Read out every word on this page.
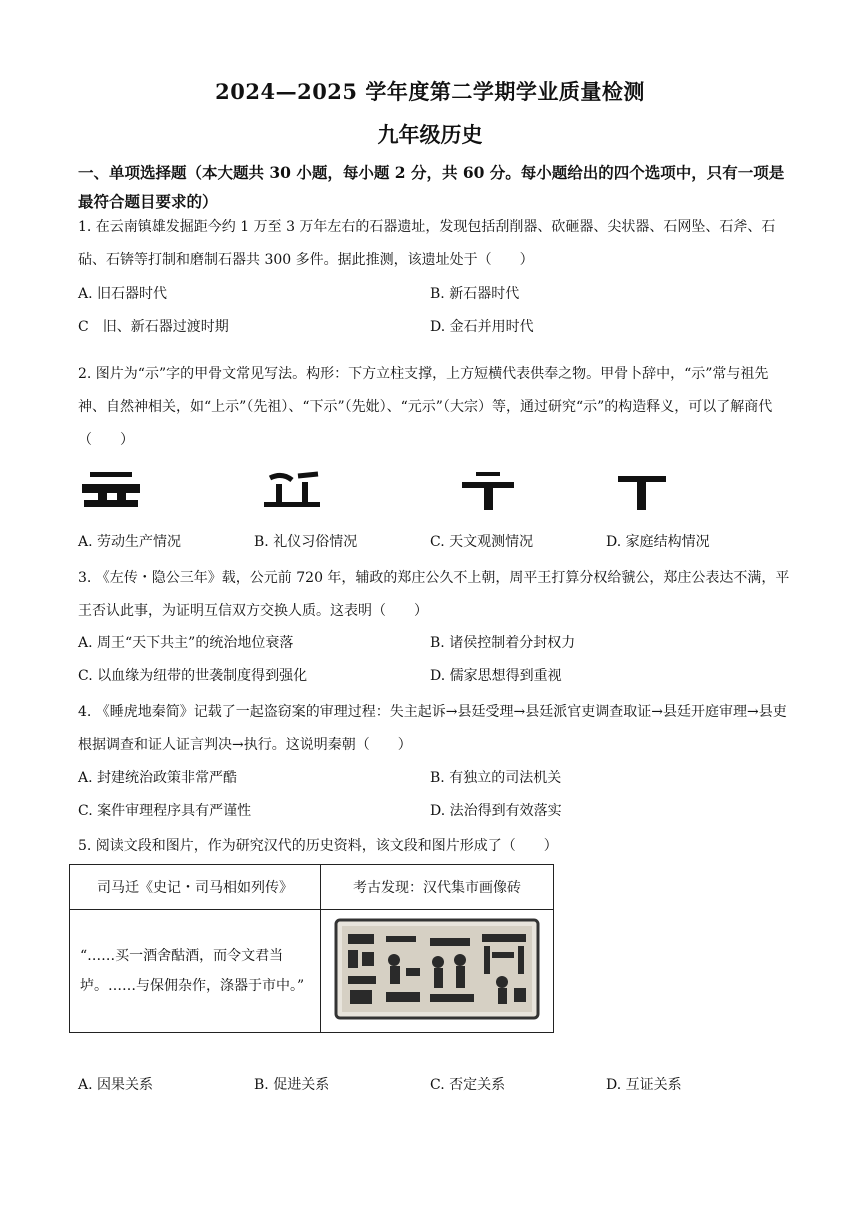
2024—2025 学年度第二学期学业质量检测
九年级历史
一、单项选择题（本大题共 30 小题，每小题 2 分，共 60 分。每小题给出的四个选项中，只有一项是最符合题目要求的）
1. 在云南镇雄发掘距今约 1 万至 3 万年左右的石器遗址，发现包括刮削器、砍砸器、尖状器、石网坠、石斧、石砧、石锛等打制和磨制石器共 300 多件。据此推测，该遗址处于（　　）
A. 旧石器时代	B. 新石器时代
C　旧、新石器过渡时期	D. 金石并用时代
2. 图片为“示”字的甲骨文常见写法。构形：下方立柱支撑，上方短横代表供奉之物。甲骨卜辞中，“示”常与祖先神、自然神相关，如“上示”（先祖）、“下示”（先妣）、“元示”（大宗）等，通过研究“示”的构造释义，可以了解商代（　　）
A. 劳动生产情况	B. 礼仪习俗情况	C. 天文观测情况	D. 家庭结构情况
3. 《左传・隐公三年》载，公元前 720 年，辅政的郑庄公久不上朝，周平王打算分权给虢公，郑庄公表达不满，平王否认此事，为证明互信双方交换人质。这表明（　　）
A. 周王“天下共主”的统治地位衰落	B. 诸侯控制着分封权力
C. 以血缘为纽带的世袭制度得到强化	D. 儒家思想得到重视
4. 《睡虎地秦简》记载了一起盗窃案的审理过程：失主起诉→县廷受理→县廷派官吏调查取证→县廷开庭审理→县吏根据调查和证人证言判决→执行。这说明秦朝（　　）
A. 封建统治政策非常严酷	B. 有独立的司法机关
C. 案件审理程序具有严谨性	D. 法治得到有效落实
5. 阅读文段和图片，作为研究汉代的历史资料，该文段和图片形成了（　　）
司马迁《史记・司马相如列传》	考古发现：汉代集市画像砖
“……买一酒舍酤酒，而令文君当垆。……与保佣杂作，涤器于市中。”	
A. 因果关系	B. 促进关系	C. 否定关系	D. 互证关系
